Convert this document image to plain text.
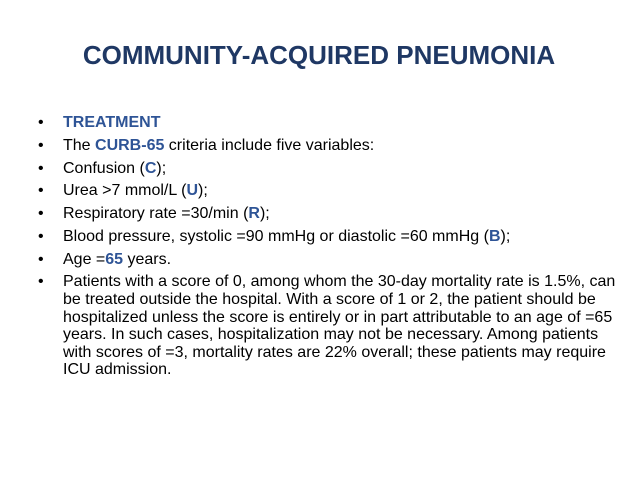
COMMUNITY-ACQUIRED PNEUMONIA
•	TREATMENT
•	The CURB-65 criteria include five variables:
•	Confusion (C);
•	Urea >7 mmol/L (U);
•	Respiratory rate =30/min (R);
•	Blood pressure, systolic =90 mmHg or diastolic =60 mmHg (B);
•	Age =65 years.
•	Patients with a score of 0, among whom the 30-day mortality rate is 1.5%, can be treated outside the hospital. With a score of 1 or 2, the patient should be hospitalized unless the score is entirely or in part attributable to an age of =65 years. In such cases, hospitalization may not be necessary. Among patients with scores of =3, mortality rates are 22% overall; these patients may require ICU admission.
